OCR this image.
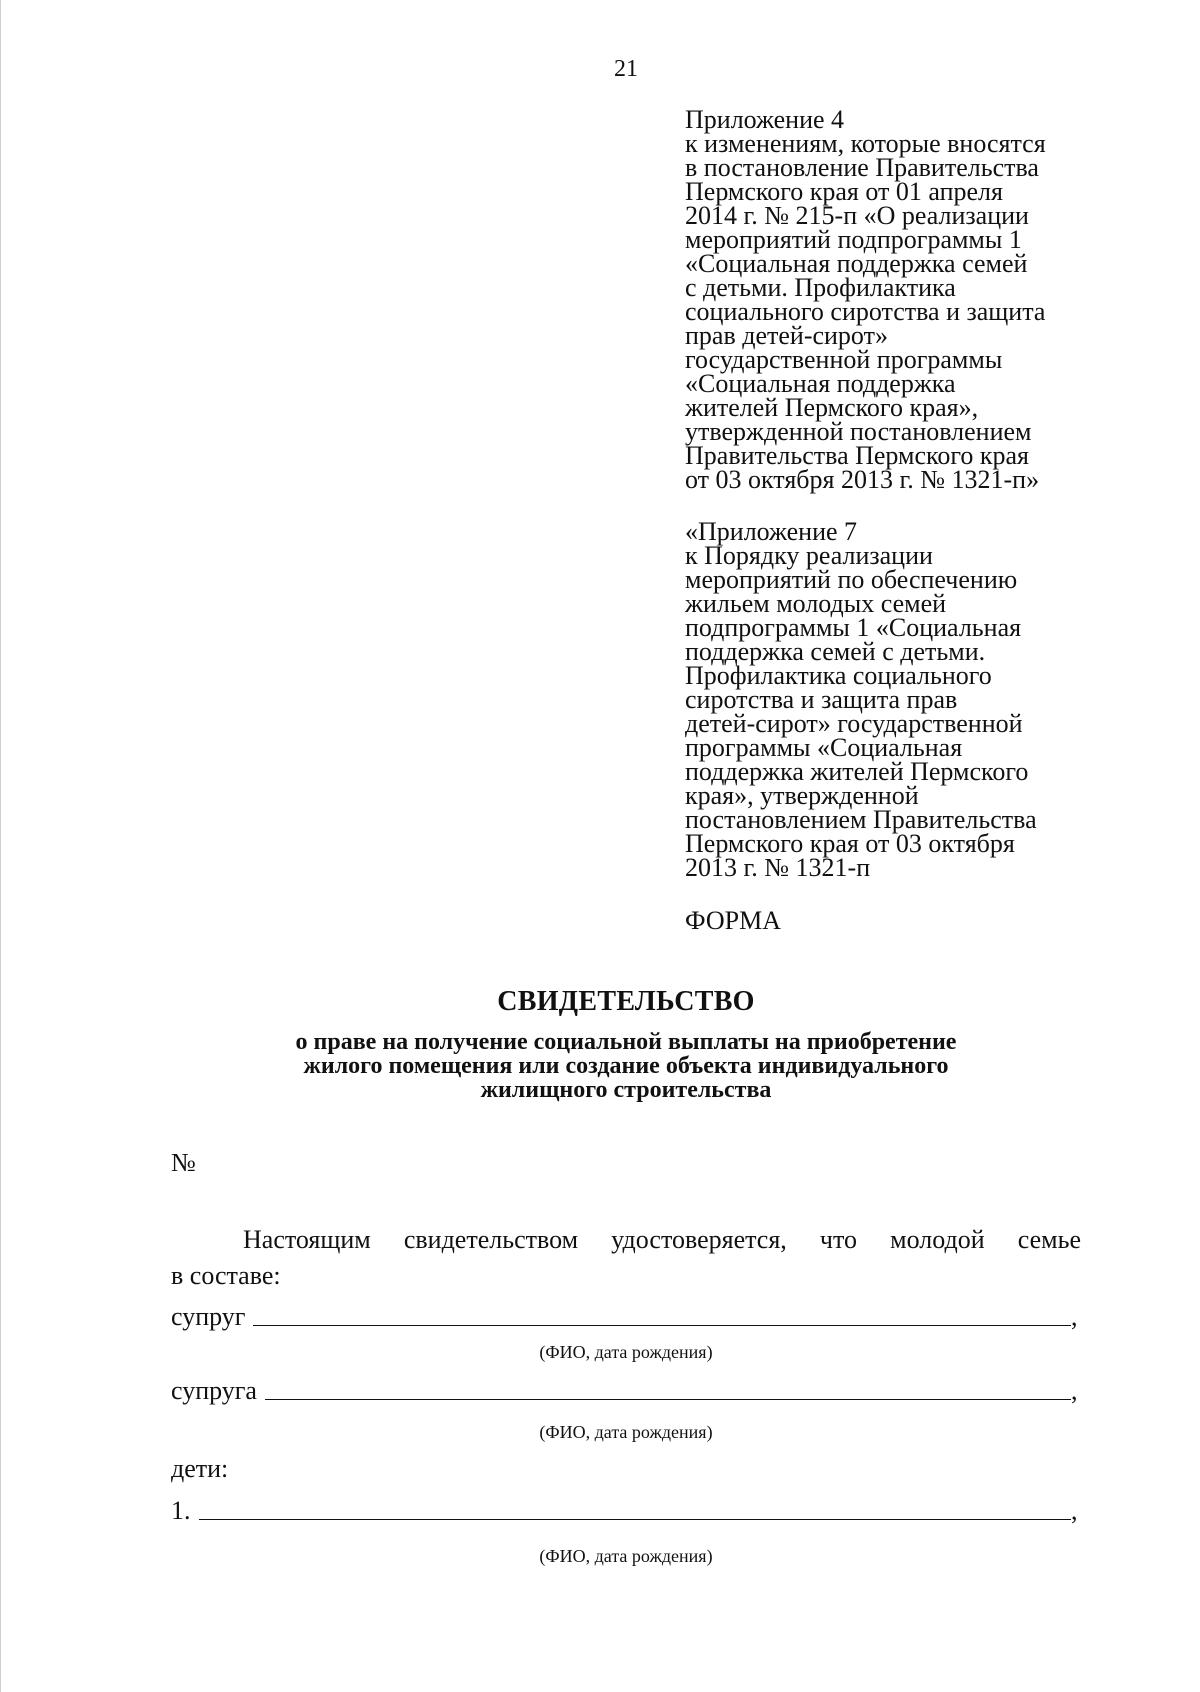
21
Приложение 4
к изменениям, которые вносятся
в постановление Правительства
Пермского края от 01 апреля
2014 г. № 215-п «О реализации
мероприятий подпрограммы 1
«Социальная поддержка семей
с детьми. Профилактика
социального сиротства и защита
прав детей-сирот»
государственной программы
«Социальная поддержка
жителей Пермского края»,
утвержденной постановлением
Правительства Пермского края
от 03 октября 2013 г. № 1321-п»
«Приложение 7
к Порядку реализации
мероприятий по обеспечению
жильем молодых семей
подпрограммы 1 «Социальная
поддержка семей с детьми.
Профилактика социального
сиротства и защита прав
детей-сирот» государственной
программы «Социальная
поддержка жителей Пермского
края», утвержденной
постановлением Правительства
Пермского края от 03 октября
2013 г. № 1321-п
ФОРМА
СВИДЕТЕЛЬСТВО
о праве на получение социальной выплаты на приобретение
жилого помещения или создание объекта индивидуального
жилищного строительства
№
Настоящим свидетельством удостоверяется, что молодой семье
в составе:
супруг	,
(ФИО, дата рождения)
супруга	,
(ФИО, дата рождения)
дети:
1.	,
(ФИО, дата рождения)
